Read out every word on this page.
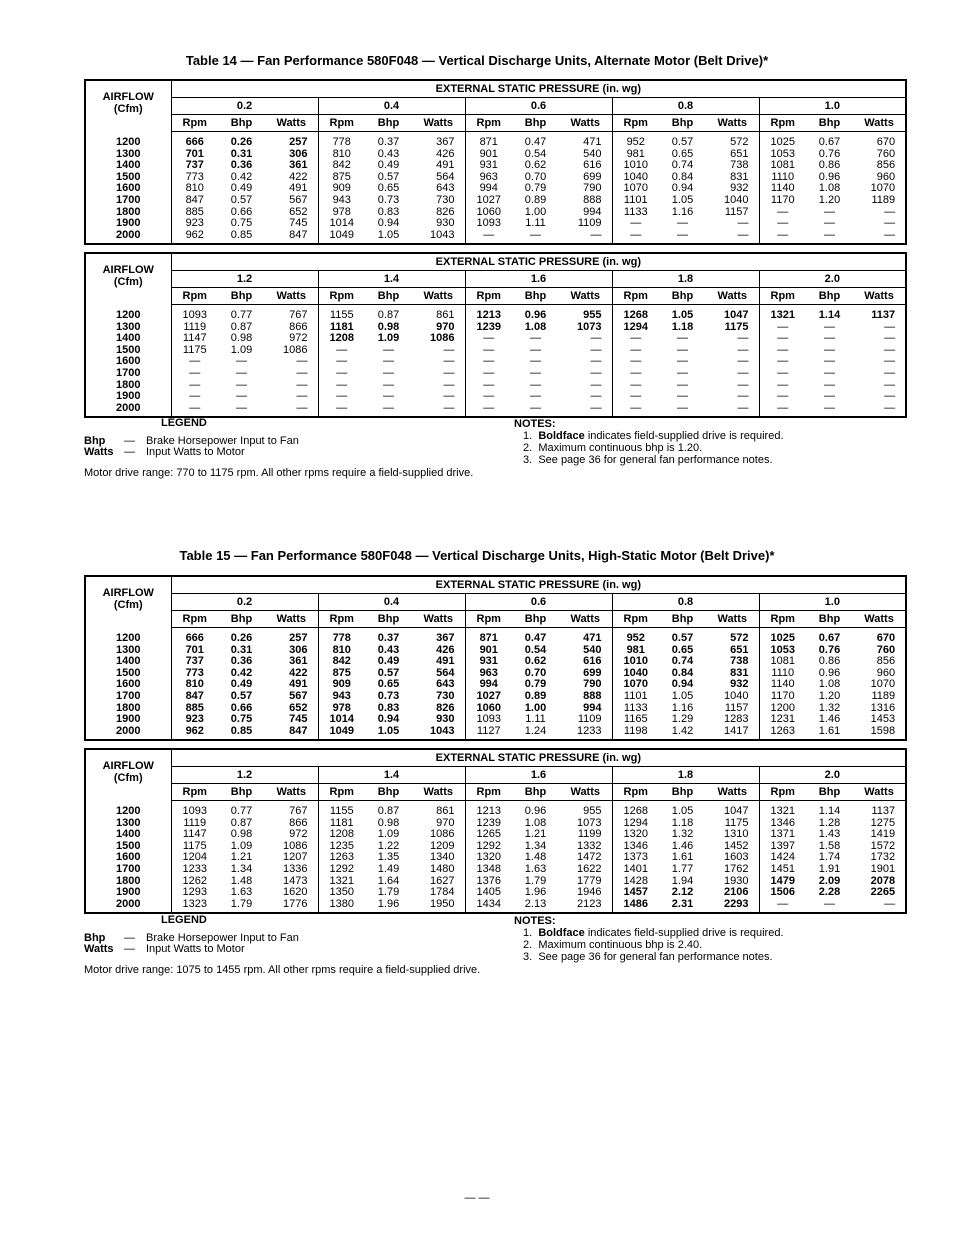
Table 14 — Fan Performance 580F048 — Vertical Discharge Units, Alternate Motor (Belt Drive)*
AIRFLOW
(Cfm)	EXTERNAL STATIC PRESSURE (in. wg)														
	0.2			0.4			0.6			0.8			1.0		
	Rpm	Bhp	Watts	Rpm	Bhp	Watts	Rpm	Bhp	Watts	Rpm	Bhp	Watts	Rpm	Bhp	Watts
1200	666	0.26	257	778	0.37	367	871	0.47	471	952	0.57	572	1025	0.67	670
1300	701	0.31	306	810	0.43	426	901	0.54	540	981	0.65	651	1053	0.76	760
1400	737	0.36	361	842	0.49	491	931	0.62	616	1010	0.74	738	1081	0.86	856
1500	773	0.42	422	875	0.57	564	963	0.70	699	1040	0.84	831	1110	0.96	960
1600	810	0.49	491	909	0.65	643	994	0.79	790	1070	0.94	932	1140	1.08	1070
1700	847	0.57	567	943	0.73	730	1027	0.89	888	1101	1.05	1040	1170	1.20	1189
1800	885	0.66	652	978	0.83	826	1060	1.00	994	1133	1.16	1157	—	—	—
1900	923	0.75	745	1014	0.94	930	1093	1.11	1109	—	—	—	—	—	—
2000	962	0.85	847	1049	1.05	1043	—	—	—	—	—	—	—	—	—
AIRFLOW
(Cfm)	EXTERNAL STATIC PRESSURE (in. wg)														
	1.2			1.4			1.6			1.8			2.0		
	Rpm	Bhp	Watts	Rpm	Bhp	Watts	Rpm	Bhp	Watts	Rpm	Bhp	Watts	Rpm	Bhp	Watts
1200	1093	0.77	767	1155	0.87	861	1213	0.96	955	1268	1.05	1047	1321	1.14	1137
1300	1119	0.87	866	1181	0.98	970	1239	1.08	1073	1294	1.18	1175	—	—	—
1400	1147	0.98	972	1208	1.09	1086	—	—	—	—	—	—	—	—	—
1500	1175	1.09	1086	—	—	—	—	—	—	—	—	—	—	—	—
1600	—	—	—	—	—	—	—	—	—	—	—	—	—	—	—
1700	—	—	—	—	—	—	—	—	—	—	—	—	—	—	—
1800	—	—	—	—	—	—	—	—	—	—	—	—	—	—	—
1900	—	—	—	—	—	—	—	—	—	—	—	—	—	—	—
2000	—	—	—	—	—	—	—	—	—	—	—	—	—	—	—
LEGEND
Bhp — Brake Horsepower Input to Fan
Watts — Input Watts to Motor
Motor drive range: 770 to 1175 rpm. All other rpms require a field-supplied drive.
NOTES:
1. Boldface indicates field-supplied drive is required.
2. Maximum continuous bhp is 1.20.
3. See page 36 for general fan performance notes.
Table 15 — Fan Performance 580F048 — Vertical Discharge Units, High-Static Motor (Belt Drive)*
AIRFLOW
(Cfm)	EXTERNAL STATIC PRESSURE (in. wg)														
	0.2			0.4			0.6			0.8			1.0		
	Rpm	Bhp	Watts	Rpm	Bhp	Watts	Rpm	Bhp	Watts	Rpm	Bhp	Watts	Rpm	Bhp	Watts
1200	666	0.26	257	778	0.37	367	871	0.47	471	952	0.57	572	1025	0.67	670
1300	701	0.31	306	810	0.43	426	901	0.54	540	981	0.65	651	1053	0.76	760
1400	737	0.36	361	842	0.49	491	931	0.62	616	1010	0.74	738	1081	0.86	856
1500	773	0.42	422	875	0.57	564	963	0.70	699	1040	0.84	831	1110	0.96	960
1600	810	0.49	491	909	0.65	643	994	0.79	790	1070	0.94	932	1140	1.08	1070
1700	847	0.57	567	943	0.73	730	1027	0.89	888	1101	1.05	1040	1170	1.20	1189
1800	885	0.66	652	978	0.83	826	1060	1.00	994	1133	1.16	1157	1200	1.32	1316
1900	923	0.75	745	1014	0.94	930	1093	1.11	1109	1165	1.29	1283	1231	1.46	1453
2000	962	0.85	847	1049	1.05	1043	1127	1.24	1233	1198	1.42	1417	1263	1.61	1598
AIRFLOW
(Cfm)	EXTERNAL STATIC PRESSURE (in. wg)														
	1.2			1.4			1.6			1.8			2.0		
	Rpm	Bhp	Watts	Rpm	Bhp	Watts	Rpm	Bhp	Watts	Rpm	Bhp	Watts	Rpm	Bhp	Watts
1200	1093	0.77	767	1155	0.87	861	1213	0.96	955	1268	1.05	1047	1321	1.14	1137
1300	1119	0.87	866	1181	0.98	970	1239	1.08	1073	1294	1.18	1175	1346	1.28	1275
1400	1147	0.98	972	1208	1.09	1086	1265	1.21	1199	1320	1.32	1310	1371	1.43	1419
1500	1175	1.09	1086	1235	1.22	1209	1292	1.34	1332	1346	1.46	1452	1397	1.58	1572
1600	1204	1.21	1207	1263	1.35	1340	1320	1.48	1472	1373	1.61	1603	1424	1.74	1732
1700	1233	1.34	1336	1292	1.49	1480	1348	1.63	1622	1401	1.77	1762	1451	1.91	1901
1800	1262	1.48	1473	1321	1.64	1627	1376	1.79	1779	1428	1.94	1930	1479	2.09	2078
1900	1293	1.63	1620	1350	1.79	1784	1405	1.96	1946	1457	2.12	2106	1506	2.28	2265
2000	1323	1.79	1776	1380	1.96	1950	1434	2.13	2123	1486	2.31	2293	—	—	—
LEGEND
Bhp — Brake Horsepower Input to Fan
Watts — Input Watts to Motor
Motor drive range: 1075 to 1455 rpm. All other rpms require a field-supplied drive.
NOTES:
1. Boldface indicates field-supplied drive is required.
2. Maximum continuous bhp is 2.40.
3. See page 36 for general fan performance notes.
— —
